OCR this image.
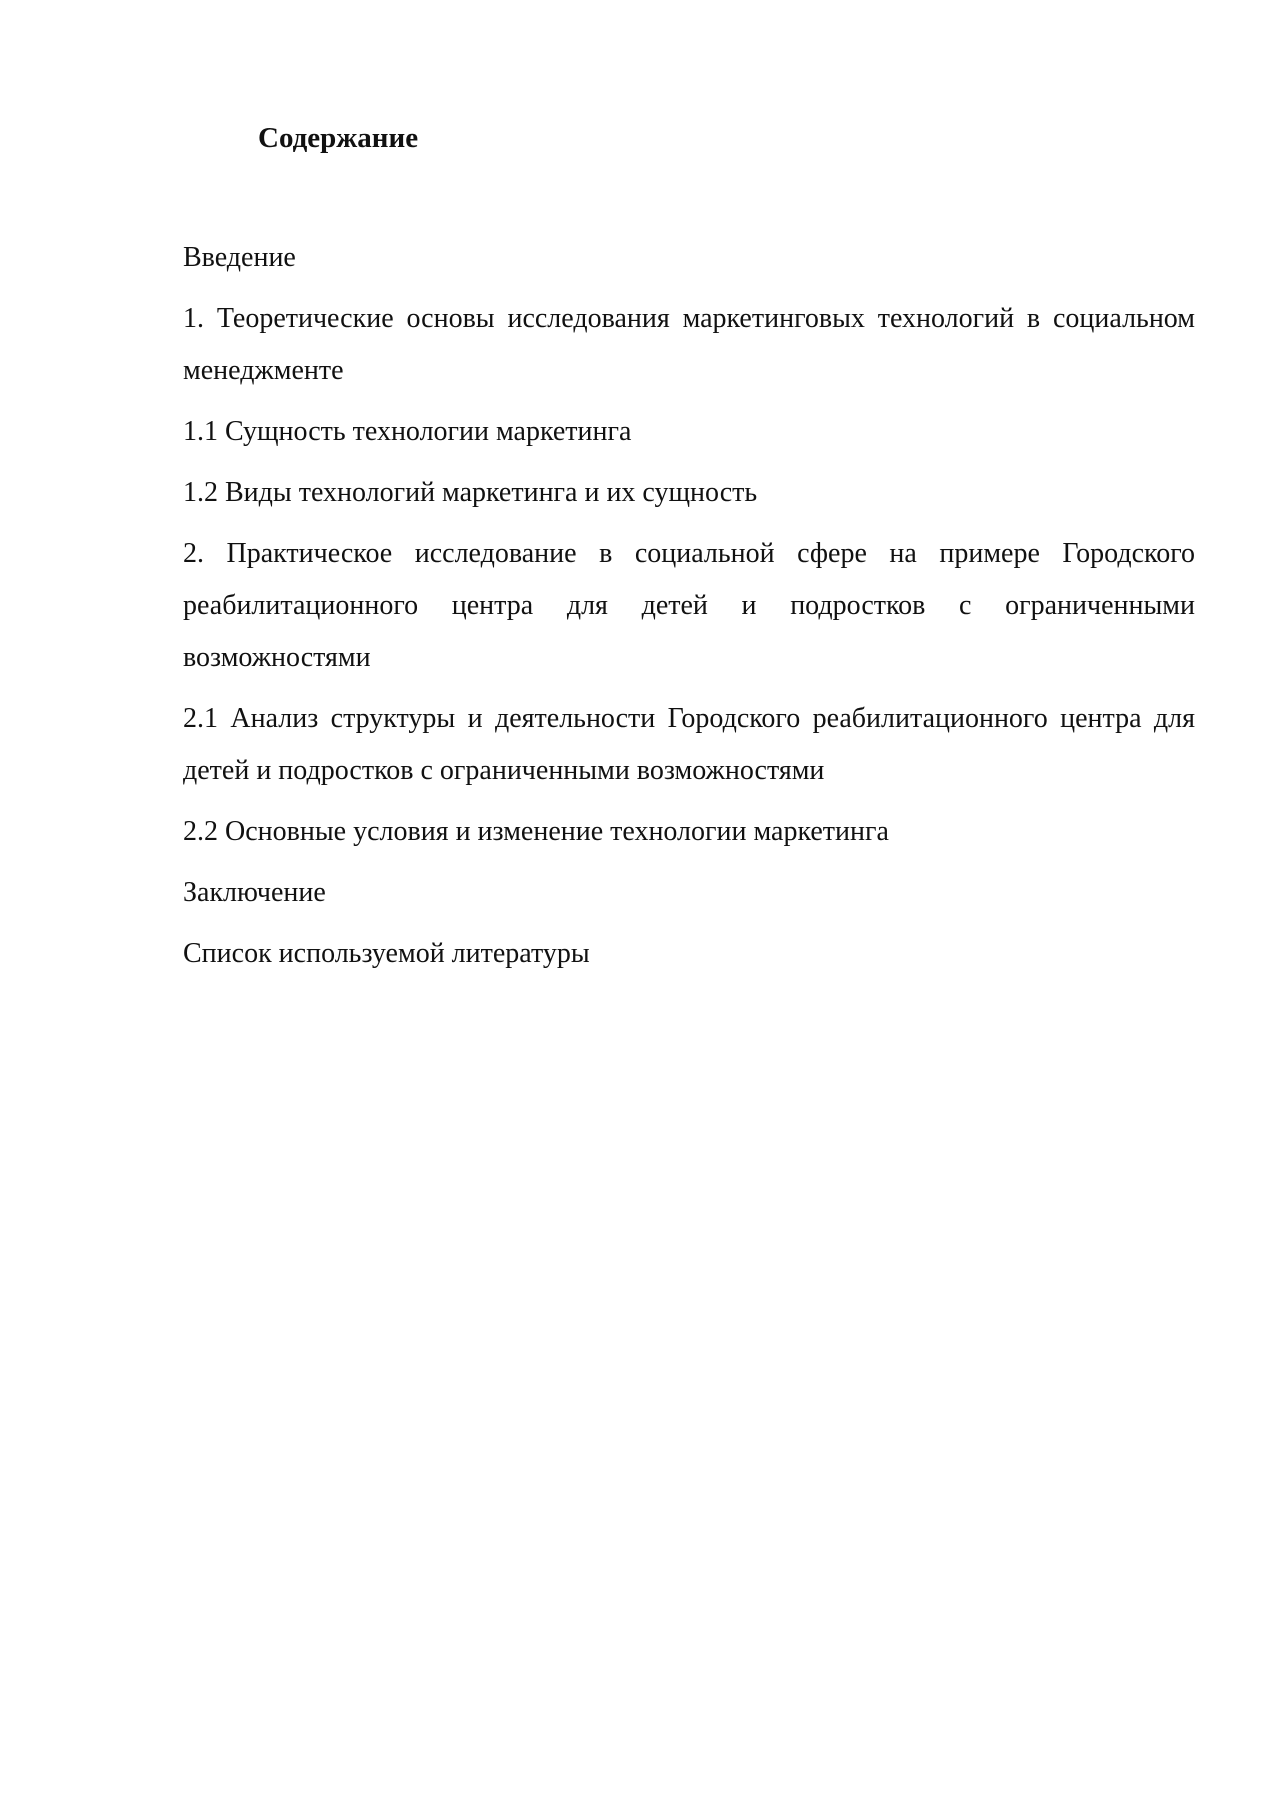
Содержание
Введение
1. Теоретические основы исследования маркетинговых технологий в социальном менеджменте
1.1 Сущность технологии маркетинга
1.2 Виды технологий маркетинга и их сущность
2. Практическое исследование в социальной сфере на примере Городского реабилитационного центра для детей и подростков с ограниченными возможностями
2.1 Анализ структуры и деятельности Городского реабилитационного центра для детей и подростков с ограниченными возможностями
2.2 Основные условия и изменение технологии маркетинга
Заключение
Список используемой литературы
